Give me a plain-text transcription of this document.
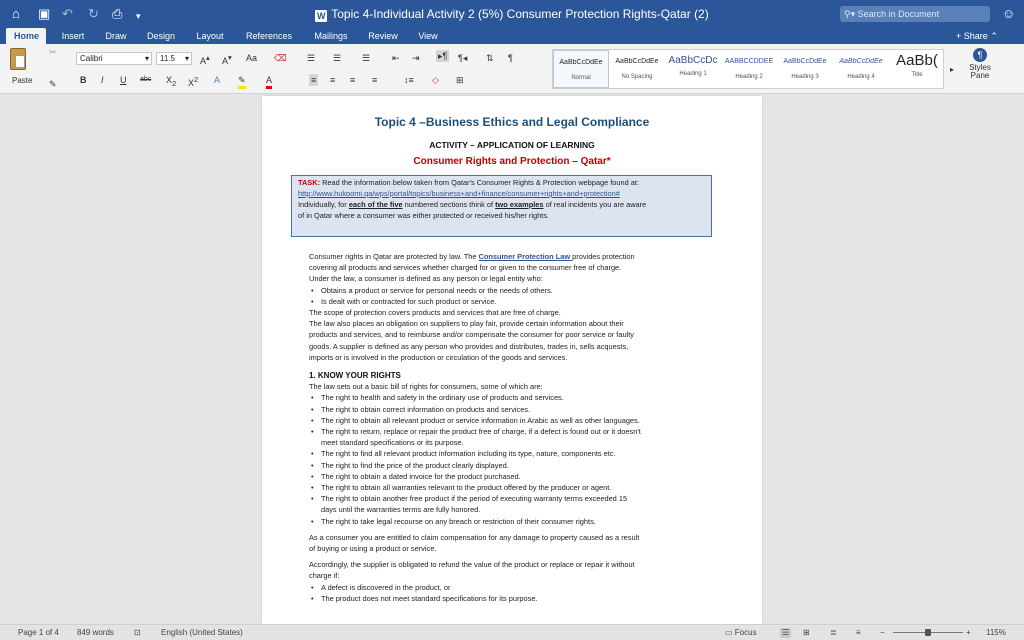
⌂ ▣ ↶ ↻ ⎙ ▾	W Topic 4-Individual Activity 2 (5%) Consumer Protection Rights-Qatar (2)	⚲▾ Search in Document	☺
Home	Insert	Draw	Design	Layout	References	Mailings	Review	View	+ Share ⌃
Paste
✂
✎
Calibri	▾	11.5 ▾ A▴ A▾ Aa ⌫
B I U abc $X_2$ $X^2$ A ✎ A
☰ ☰ ☰ ⇤ ⇥ ▸¶ ¶◂ ⇅ ¶
≡ ≡ ≡ ≡	↕≡ ◇ ⊞
AaBbCcDdEe
Normal
AaBbCcDdEe
No Spacing
AaBbCcDc
Heading 1
AABBCCDDEE
Heading 2
AaBbCcDdEe
Heading 3
AaBbCcDdEe
Heading 4
AaBb(
Title
▸
¶
Styles Pane
Topic 4 –Business Ethics and Legal Compliance
ACTIVITY – APPLICATION OF LEARNING
Consumer Rights and Protection – Qatar*
TASK: Read the information below taken from Qatar's Consumer Rights & Protection webpage found at:
http://www.hukoomi.qa/wps/portal/topics/business+and+finance/consumer+rights+and+protection#
Individually, for each of the five numbered sections think of two examples of real incidents you are aware
of in Qatar where a consumer was either protected or received his/her rights.
Consumer rights in Qatar are protected by law. The Consumer Protection Law provides protection
covering all products and services whether charged for or given to the consumer free of charge.
Under the law, a consumer is defined as any person or legal entity who:
• Obtains a product or service for personal needs or the needs of others.
• Is dealt with or contracted for such product or service.
The scope of protection covers products and services that are free of charge.
The law also places an obligation on suppliers to play fair, provide certain information about their
products and services, and to reimburse and/or compensate the consumer for poor service or faulty
goods. A supplier is defined as any person who provides and distributes, trades in, sells acquests,
imports or is involved in the production or circulation of the goods and services.
1. KNOW YOUR RIGHTS
The law sets out a basic bill of rights for consumers, some of which are:
• The right to health and safety in the ordinary use of products and services.
• The right to obtain correct information on products and services.
• The right to obtain all relevant product or service information in Arabic as well as other languages.
• The right to return, replace or repair the product free of charge, if a defect is found out or it doesn't
meet standard specifications or its purpose.
• The right to find all relevant product information including its type, nature, components etc.
• The right to find the price of the product clearly displayed.
• The right to obtain a dated invoice for the product purchased.
• The right to obtain all warranties relevant to the product offered by the producer or agent.
• The right to obtain another free product if the period of executing warranty terms exceeded 15
days until the warranties terms are fully honored.
• The right to take legal recourse on any breach or restriction of their consumer rights.
As a consumer you are entitled to claim compensation for any damage to property caused as a result
of buying or using a product or service.
Accordingly, the supplier is obligated to refund the value of the product or replace or repair it without
charge if:
• A defect is discovered in the product, or
• The product does not meet standard specifications for its purpose.
Page 1 of 4 849 words	⊡	English (United States)	▭ Focus	☰ ⊞	≣ ≡ −	+ 115%
